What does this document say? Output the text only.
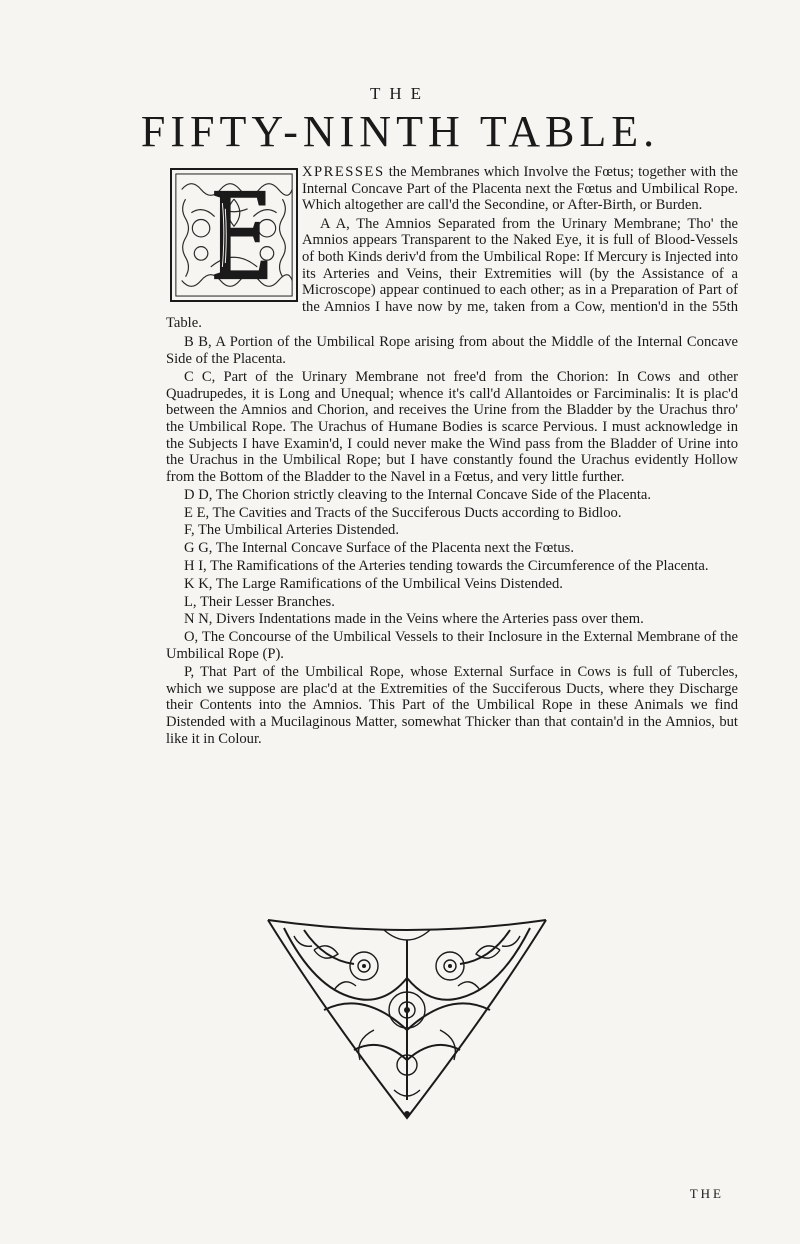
THE
FIFTY-NINTH TABLE.

XPRESSES the Membranes which Involve the Fœtus; together with the Internal Concave Part of the Placenta next the Fœtus and Umbilical Rope. Which altogether are call'd the Secondine, or After-Birth, or Burden.

A A, The Amnios Separated from the Urinary Membrane; Tho' the Amnios appears Transparent to the Naked Eye, it is full of Blood-Vessels of both Kinds deriv'd from the Umbilical Rope: If Mercury is Injected into its Arteries and Veins, their Extremities will (by the Assistance of a Microscope) appear continued to each other; as in a Preparation of Part of the Amnios I have now by me, taken from a Cow, mention'd in the 55th Table.

B B, A Portion of the Umbilical Rope arising from about the Middle of the Internal Concave Side of the Placenta.

C C, Part of the Urinary Membrane not free'd from the Chorion: In Cows and other Quadrupedes, it is Long and Unequal; whence it's call'd Allantoides or Farciminalis: It is plac'd between the Amnios and Chorion, and receives the Urine from the Bladder by the Urachus thro' the Umbilical Rope. The Urachus of Humane Bodies is scarce Pervious. I must acknowledge in the Subjects I have Examin'd, I could never make the Wind pass from the Bladder of Urine into the Urachus in the Umbilical Rope; but I have constantly found the Urachus evidently Hollow from the Bottom of the Bladder to the Navel in a Fœtus, and very little further.

D D, The Chorion strictly cleaving to the Internal Concave Side of the Placenta.

E E, The Cavities and Tracts of the Succiferous Ducts according to Bidloo.

F, The Umbilical Arteries Distended.

G G, The Internal Concave Surface of the Placenta next the Fœtus.

H I, The Ramifications of the Arteries tending towards the Circumference of the Placenta.

K K, The Large Ramifications of the Umbilical Veins Distended.

L, Their Lesser Branches.

N N, Divers Indentations made in the Veins where the Arteries pass over them.

O, The Concourse of the Umbilical Vessels to their Inclosure in the External Membrane of the Umbilical Rope (P).

P, That Part of the Umbilical Rope, whose External Surface in Cows is full of Tubercles, which we suppose are plac'd at the Extremities of the Succiferous Ducts, where they Discharge their Contents into the Amnios. This Part of the Umbilical Rope in these Animals we find Distended with a Mucilaginous Matter, somewhat Thicker than that contain'd in the Amnios, but like it in Colour.

THE
